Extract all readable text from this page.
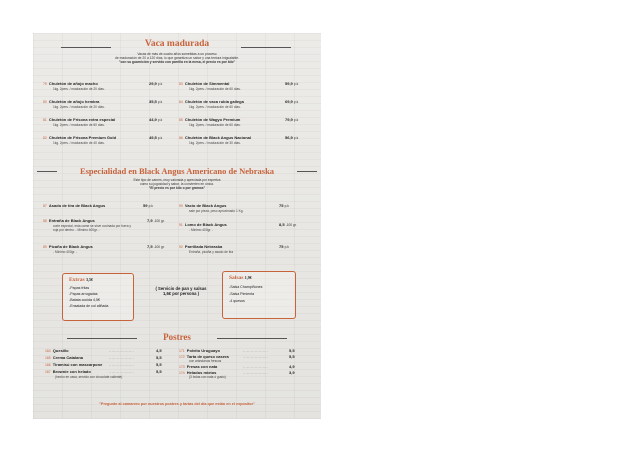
Vaca madurada
Vacas de más de cuatro años sometidas a un proceso
de maduración de 20 a 120 días, lo que garantiza un sabor y una textura inigualable.
"con su guarnición y servido con parrilla en la mesa, el precio es por kilo"
79 Chuletón de añojo macho	29,9 p.k
1kg. 2pers. / maduración de 20 días.
80 Chuletón de añojo hembra	35,5 p.k
1kg. 2pers. / maduración de 20 días.
81 Chuletón de Frisona extra especial	44,9 p.k
1kg. 2pers. / maduración de 60 días.
82 Chuletón de Frisona Premium Gold	49,5 p.k
1kg. 2pers. / maduración de 40 días.
83 Chuletón de Simmental	59,9 p.k
1kg. 2pers. / maduración de 60 días.
84 Chuletón de vaca rubia gallega	69,9 p.k
1kg. 2pers. / maduración de 60 días.
85 Chuletón de Wagyo Premium	79,9 p.k
1kg. 2pers. / maduración de 60 días.
86 Chuletón de Black Angus Nacional	56,9 p.k
1kg. 2pers. / maduración de 30 días.
Especialidad en Black Angus Americano de Nebraska
Este tipo de carnes, muy valorada y apreciada por expertos
como su jugosidad y sabor, la convierten en única.
"El precio es por kilo o por gramos"
87 Asado de tira de Black Angus	59 p.k
88 Entraña de Black Angus	7,9 -100 gr.
corte especial, esta carne se sirve cocinada por fuera y roja por dentro. - Mínimo 400gr. -
89 Picaña de Black Angus	7,5 -100 gr.
- Mínimo 400gr. -
90 Vacío de Black Angus	75 p.k
sale por pieza, peso aproximado 1 Kg.
91 Lomo de Black Angus	8,5 -100 gr.
- Mínimo 400gr. -
92 Parrillada Nebraska	75 p.k
Entraña, picaña y asado de tira
Extras 3,5€
-Papas fritas
-Papas arrugadas
-Batata cocida 4,5€
-Ensalada de col aliñada
( Servicio de pan y salsas
1,6€ por persona )
Salsas 1,9€
-Salsa Champiñones
-Salsa Pimienta
-4 quesos
Postres
164 Quesillo	...................	4,5
165 Crema Catalana	...................	5,5
166 Tiramisú con mascarpone ...................	5,5
167 Brownie con helado	...................	5,5
(hecho en casa, servido con chocolate caliente)
171 Polvito Uruguayo	...................	5,5
172 Tarta de queso casera	...................	5,5
con arándanos frescos
173 Fresas con nata	...................	4,9
174 Helados mixtos	...................	3,9
(3 bolas con nata ó gusto)
"Pregunte al camarero por nuestros postres y tartas del día que están en el expositor"
